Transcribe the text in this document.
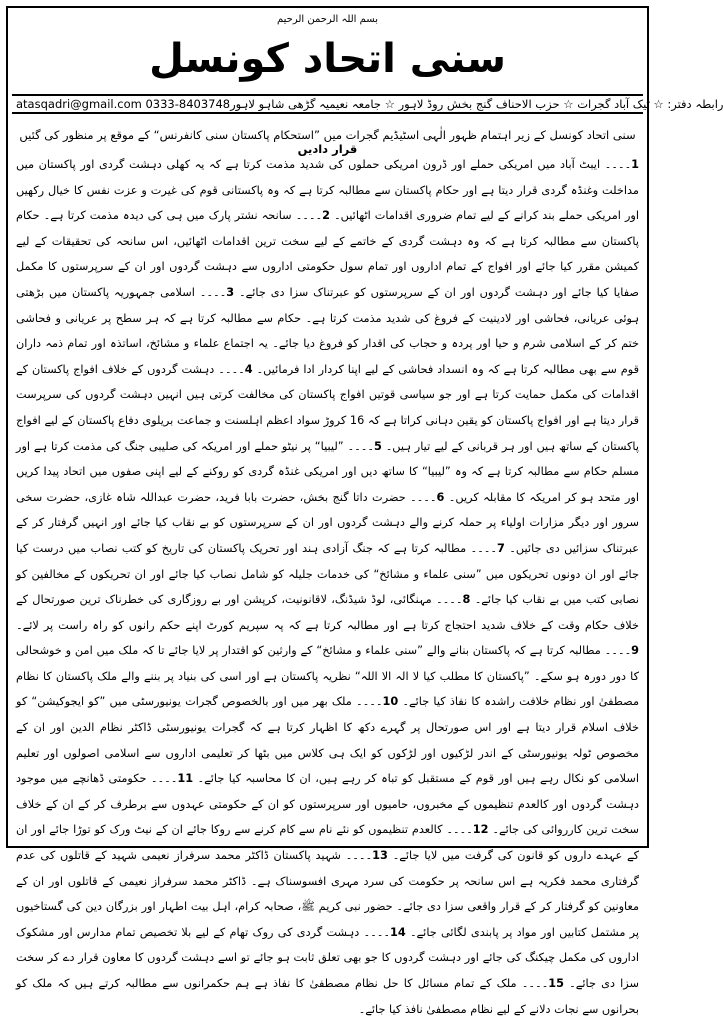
بسم اللہ الرحمن الرحیم
سنی اتحاد کونسل
atasqadri@gmail.com 0333-8403748 رابطہ دفتر: ☆ ٹیک آباد گجرات ☆ حزب الاحناف گنج بخش روڈ لاہور ☆ جامعہ نعیمیہ گڑھی شاہو لاہور
سنی اتحاد کونسل کے زیر اہتمام ظہور الٰہی اسٹیڈیم گجرات میں ”استحکام پاکستان سنی کانفرنس“ کے موقع پر منظور کی گئیں قرار دادیں
1۔۔۔۔ ایبٹ آباد میں امریکی حملے اور ڈرون امریکی حملوں کی شدید مذمت کرتا ہے کہ یہ کھلی دہشت گردی اور پاکستان میں مداخلت وغنڈہ گردی قرار دیتا ہے اور حکام پاکستان سے مطالبہ کرتا ہے کہ وہ پاکستانی قوم کی غیرت و عزت نفس کا خیال رکھیں اور امریکی حملے بند کرانے کے لیے تمام ضروری اقدامات اٹھائیں۔ 2۔۔۔۔ سانحہ نشتر پارک میں ہی کی دیدہ مذمت کرتا ہے۔ حکام پاکستان سے مطالبہ کرتا ہے کہ وہ دہشت گردی کے خاتمے کے لیے سخت ترین اقدامات اٹھائیں، اس سانحہ کی تحقیقات کے لیے کمیشن مقرر کیا جائے اور افواج کے تمام اداروں اور تمام سول حکومتی اداروں سے دہشت گردوں اور ان کے سرپرستوں کا مکمل صفایا کیا جائے اور دہشت گردوں اور ان کے سرپرستوں کو عبرتناک سزا دی جائے۔ 3۔۔۔۔ اسلامی جمہوریہ پاکستان میں بڑھتی ہوئی عریانی، فحاشی اور لادینیت کے فروغ کی شدید مذمت کرتا ہے۔ حکام سے مطالبہ کرتا ہے کہ ہر سطح پر عریانی و فحاشی ختم کر کے اسلامی شرم و حیا اور پردہ و حجاب کی اقدار کو فروغ دیا جائے۔ یہ اجتماع علماء و مشائخ، اساتذہ اور تمام ذمہ داران قوم سے بھی مطالبہ کرتا ہے کہ وہ انسداد فحاشی کے لیے اپنا کردار ادا فرمائیں۔ 4۔۔۔۔ دہشت گردوں کے خلاف افواج پاکستان کے اقدامات کی مکمل حمایت کرتا ہے اور جو سیاسی قوتیں افواج پاکستان کی مخالفت کرتی ہیں انہیں دہشت گردوں کی سرپرست قرار دیتا ہے اور افواج پاکستان کو یقین دہانی کراتا ہے کہ 16 کروڑ سواد اعظم اہلسنت و جماعت بریلوی دفاع پاکستان کے لیے افواج پاکستان کے ساتھ ہیں اور ہر قربانی کے لیے تیار ہیں۔ 5۔۔۔۔ ”لیبیا“ پر نیٹو حملے اور امریکہ کی صلیبی جنگ کی مذمت کرتا ہے اور مسلم حکام سے مطالبہ کرتا ہے کہ وہ ”لیبیا“ کا ساتھ دیں اور امریکی غنڈہ گردی کو روکنے کے لیے اپنی صفوں میں اتحاد پیدا کریں اور متحد ہو کر امریکہ کا مقابلہ کریں۔ 6۔۔۔۔ حضرت داتا گنج بخش، حضرت بابا فرید، حضرت عبداللہ شاہ غازی، حضرت سخی سرور اور دیگر مزارات اولیاء پر حملہ کرنے والے دہشت گردوں اور ان کے سرپرستوں کو بے نقاب کیا جائے اور انہیں گرفتار کر کے عبرتناک سزائیں دی جائیں۔ 7۔۔۔۔ مطالبہ کرتا ہے کہ جنگ آزادی ہند اور تحریک پاکستان کی تاریخ کو کتب نصاب میں درست کیا جائے اور ان دونوں تحریکوں میں ”سنی علماء و مشائخ“ کی خدمات جلیلہ کو شامل نصاب کیا جائے اور ان تحریکوں کے مخالفین کو نصابی کتب میں بے نقاب کیا جائے۔ 8۔۔۔۔ مہنگائی، لوڈ شیڈنگ، لاقانونیت، کرپشن اور بے روزگاری کی خطرناک ترین صورتحال کے خلاف حکام وقت کے خلاف شدید احتجاج کرتا ہے اور مطالبہ کرتا ہے کہ پہ سپریم کورٹ اپنے حکم رانوں کو راہ راست پر لائے۔ 9۔۔۔۔ مطالبہ کرتا ہے کہ پاکستان بنانے والے ”سنی علماء و مشائخ“ کے وارثین کو اقتدار پر لایا جائے تا کہ ملک میں امن و خوشحالی کا دور دورہ ہو سکے۔ ”پاکستان کا مطلب کیا لا الہ الا اللہ“ نظریہ پاکستان ہے اور اسی کی بنیاد پر بننے والے ملک پاکستان کا نظام مصطفیٰ اور نظام خلافت راشدہ کا نفاذ کیا جائے۔ 10۔۔۔۔ ملک بھر میں اور بالخصوص گجرات یونیورسٹی میں ”کو ایجوکیشن“ کو خلاف اسلام قرار دیتا ہے اور اس صورتحال پر گہرے دکھ کا اظہار کرتا ہے کہ گجرات یونیورسٹی ڈاکٹر نظام الدین اور ان کے مخصوص ٹولہ یونیورسٹی کے اندر لڑکیوں اور لڑکوں کو ایک ہی کلاس میں بٹھا کر تعلیمی اداروں سے اسلامی اصولوں اور تعلیم اسلامی کو نکال رہے ہیں اور قوم کے مستقبل کو تباہ کر رہے ہیں، ان کا محاسبہ کیا جائے۔ 11۔۔۔۔ حکومتی ڈھانچے میں موجود دہشت گردوں اور کالعدم تنظیموں کے مخبروں، حامیوں اور سرپرستوں کو ان کے حکومتی عہدوں سے برطرف کر کے ان کے خلاف سخت ترین کارروائی کی جائے۔ 12۔۔۔۔ کالعدم تنظیموں کو نئے نام سے کام کرنے سے روکا جائے ان کے نیٹ ورک کو توڑا جائے اور ان کے عہدے داروں کو قانون کی گرفت میں لایا جائے۔ 13۔۔۔۔ شہید پاکستان ڈاکٹر محمد سرفراز نعیمی شہید کے قاتلوں کی عدم گرفتاری محمد فکریہ ہے اس سانحہ پر حکومت کی سرد مہری افسوسناک ہے۔ ڈاکٹر محمد سرفراز نعیمی کے قاتلوں اور ان کے معاونین کو گرفتار کر کے قرار واقعی سزا دی جائے۔ حضور نبی کریم ﷺ، صحابہ کرام، اہل بیت اطہار اور بزرگان دین کی گستاخیوں پر مشتمل کتابیں اور مواد پر پابندی لگائی جائے۔ 14۔۔۔۔ دہشت گردی کی روک تھام کے لیے بلا تخصیص تمام مدارس اور مشکوک اداروں کی مکمل چیکنگ کی جائے اور دہشت گردوں کا جو بھی تعلق ثابت ہو جائے تو اسے دہشت گردوں کا معاون قرار دے کر سخت سزا دی جائے۔ 15۔۔۔۔ ملک کے تمام مسائل کا حل نظام مصطفیٰ کا نفاذ ہے ہم حکمرانوں سے مطالبہ کرتے ہیں کہ ملک کو بحرانوں سے نجات دلانے کے لیے نظام مصطفیٰ نافذ کیا جائے۔
